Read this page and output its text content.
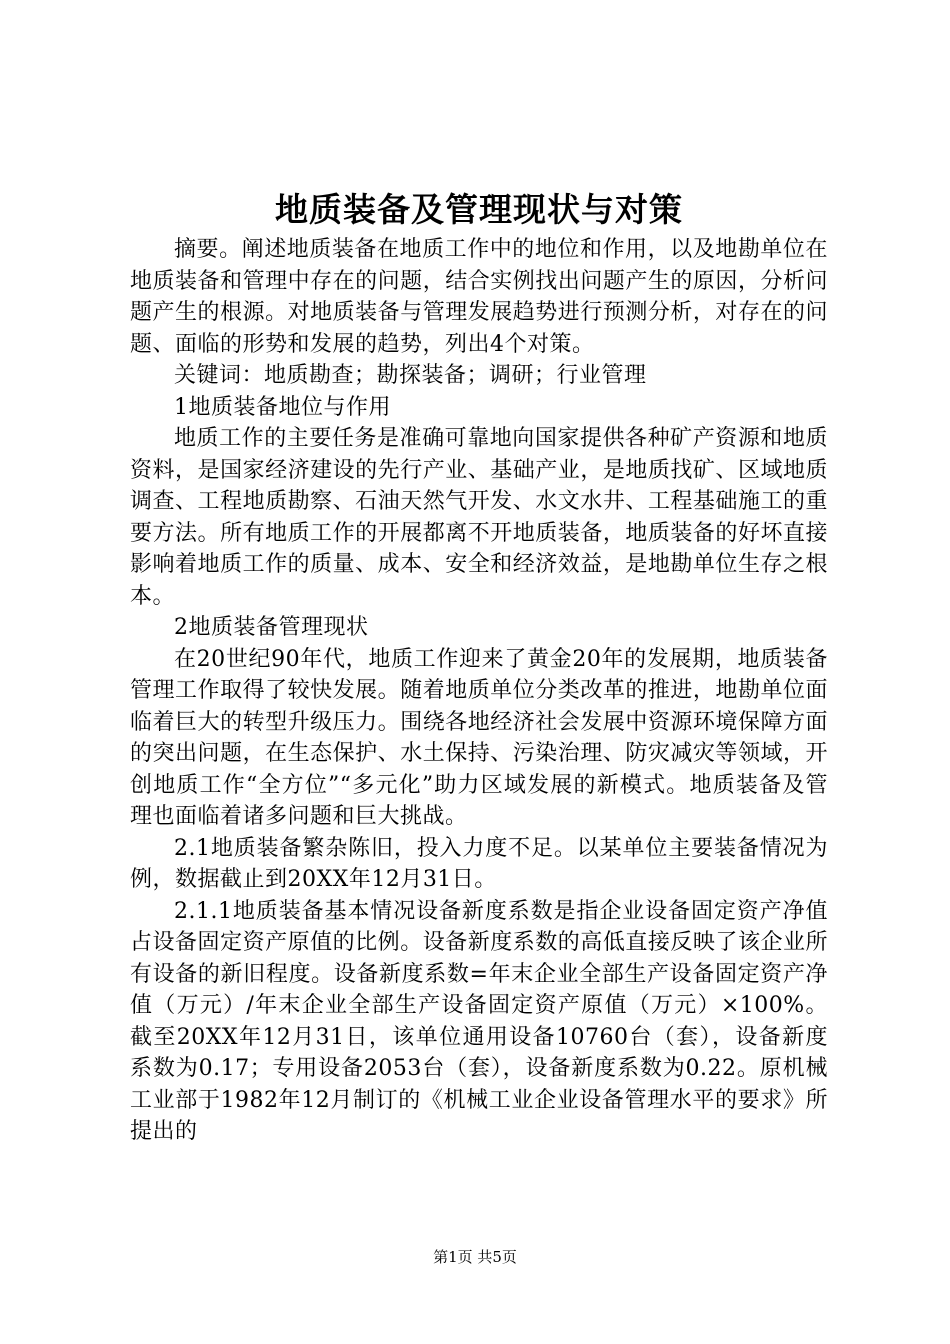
地质装备及管理现状与对策

摘要。阐述地质装备在地质工作中的地位和作用，以及地勘单位在地质装备和管理中存在的问题，结合实例找出问题产生的原因，分析问题产生的根源。对地质装备与管理发展趋势进行预测分析，对存在的问题、面临的形势和发展的趋势，列出4个对策。

关键词：地质勘查；勘探装备；调研；行业管理

1地质装备地位与作用

地质工作的主要任务是准确可靠地向国家提供各种矿产资源和地质资料，是国家经济建设的先行产业、基础产业，是地质找矿、区域地质调查、工程地质勘察、石油天然气开发、水文水井、工程基础施工的重要方法。所有地质工作的开展都离不开地质装备，地质装备的好坏直接影响着地质工作的质量、成本、安全和经济效益，是地勘单位生存之根本。

2地质装备管理现状

在20世纪90年代，地质工作迎来了黄金20年的发展期，地质装备管理工作取得了较快发展。随着地质单位分类改革的推进，地勘单位面临着巨大的转型升级压力。围绕各地经济社会发展中资源环境保障方面的突出问题，在生态保护、水土保持、污染治理、防灾减灾等领域，开创地质工作“全方位”“多元化”助力区域发展的新模式。地质装备及管理也面临着诸多问题和巨大挑战。

2.1地质装备繁杂陈旧，投入力度不足。以某单位主要装备情况为例，数据截止到20XX年12月31日。

2.1.1地质装备基本情况设备新度系数是指企业设备固定资产净值占设备固定资产原值的比例。设备新度系数的高低直接反映了该企业所有设备的新旧程度。设备新度系数=年末企业全部生产设备固定资产净值（万元）/年末企业全部生产设备固定资产原值（万元）×100%。截至20XX年12月31日，该单位通用设备10760台（套），设备新度系数为0.17；专用设备2053台（套），设备新度系数为0.22。原机械工业部于1982年12月制订的《机械工业企业设备管理水平的要求》所提出的

第1页 共5页
